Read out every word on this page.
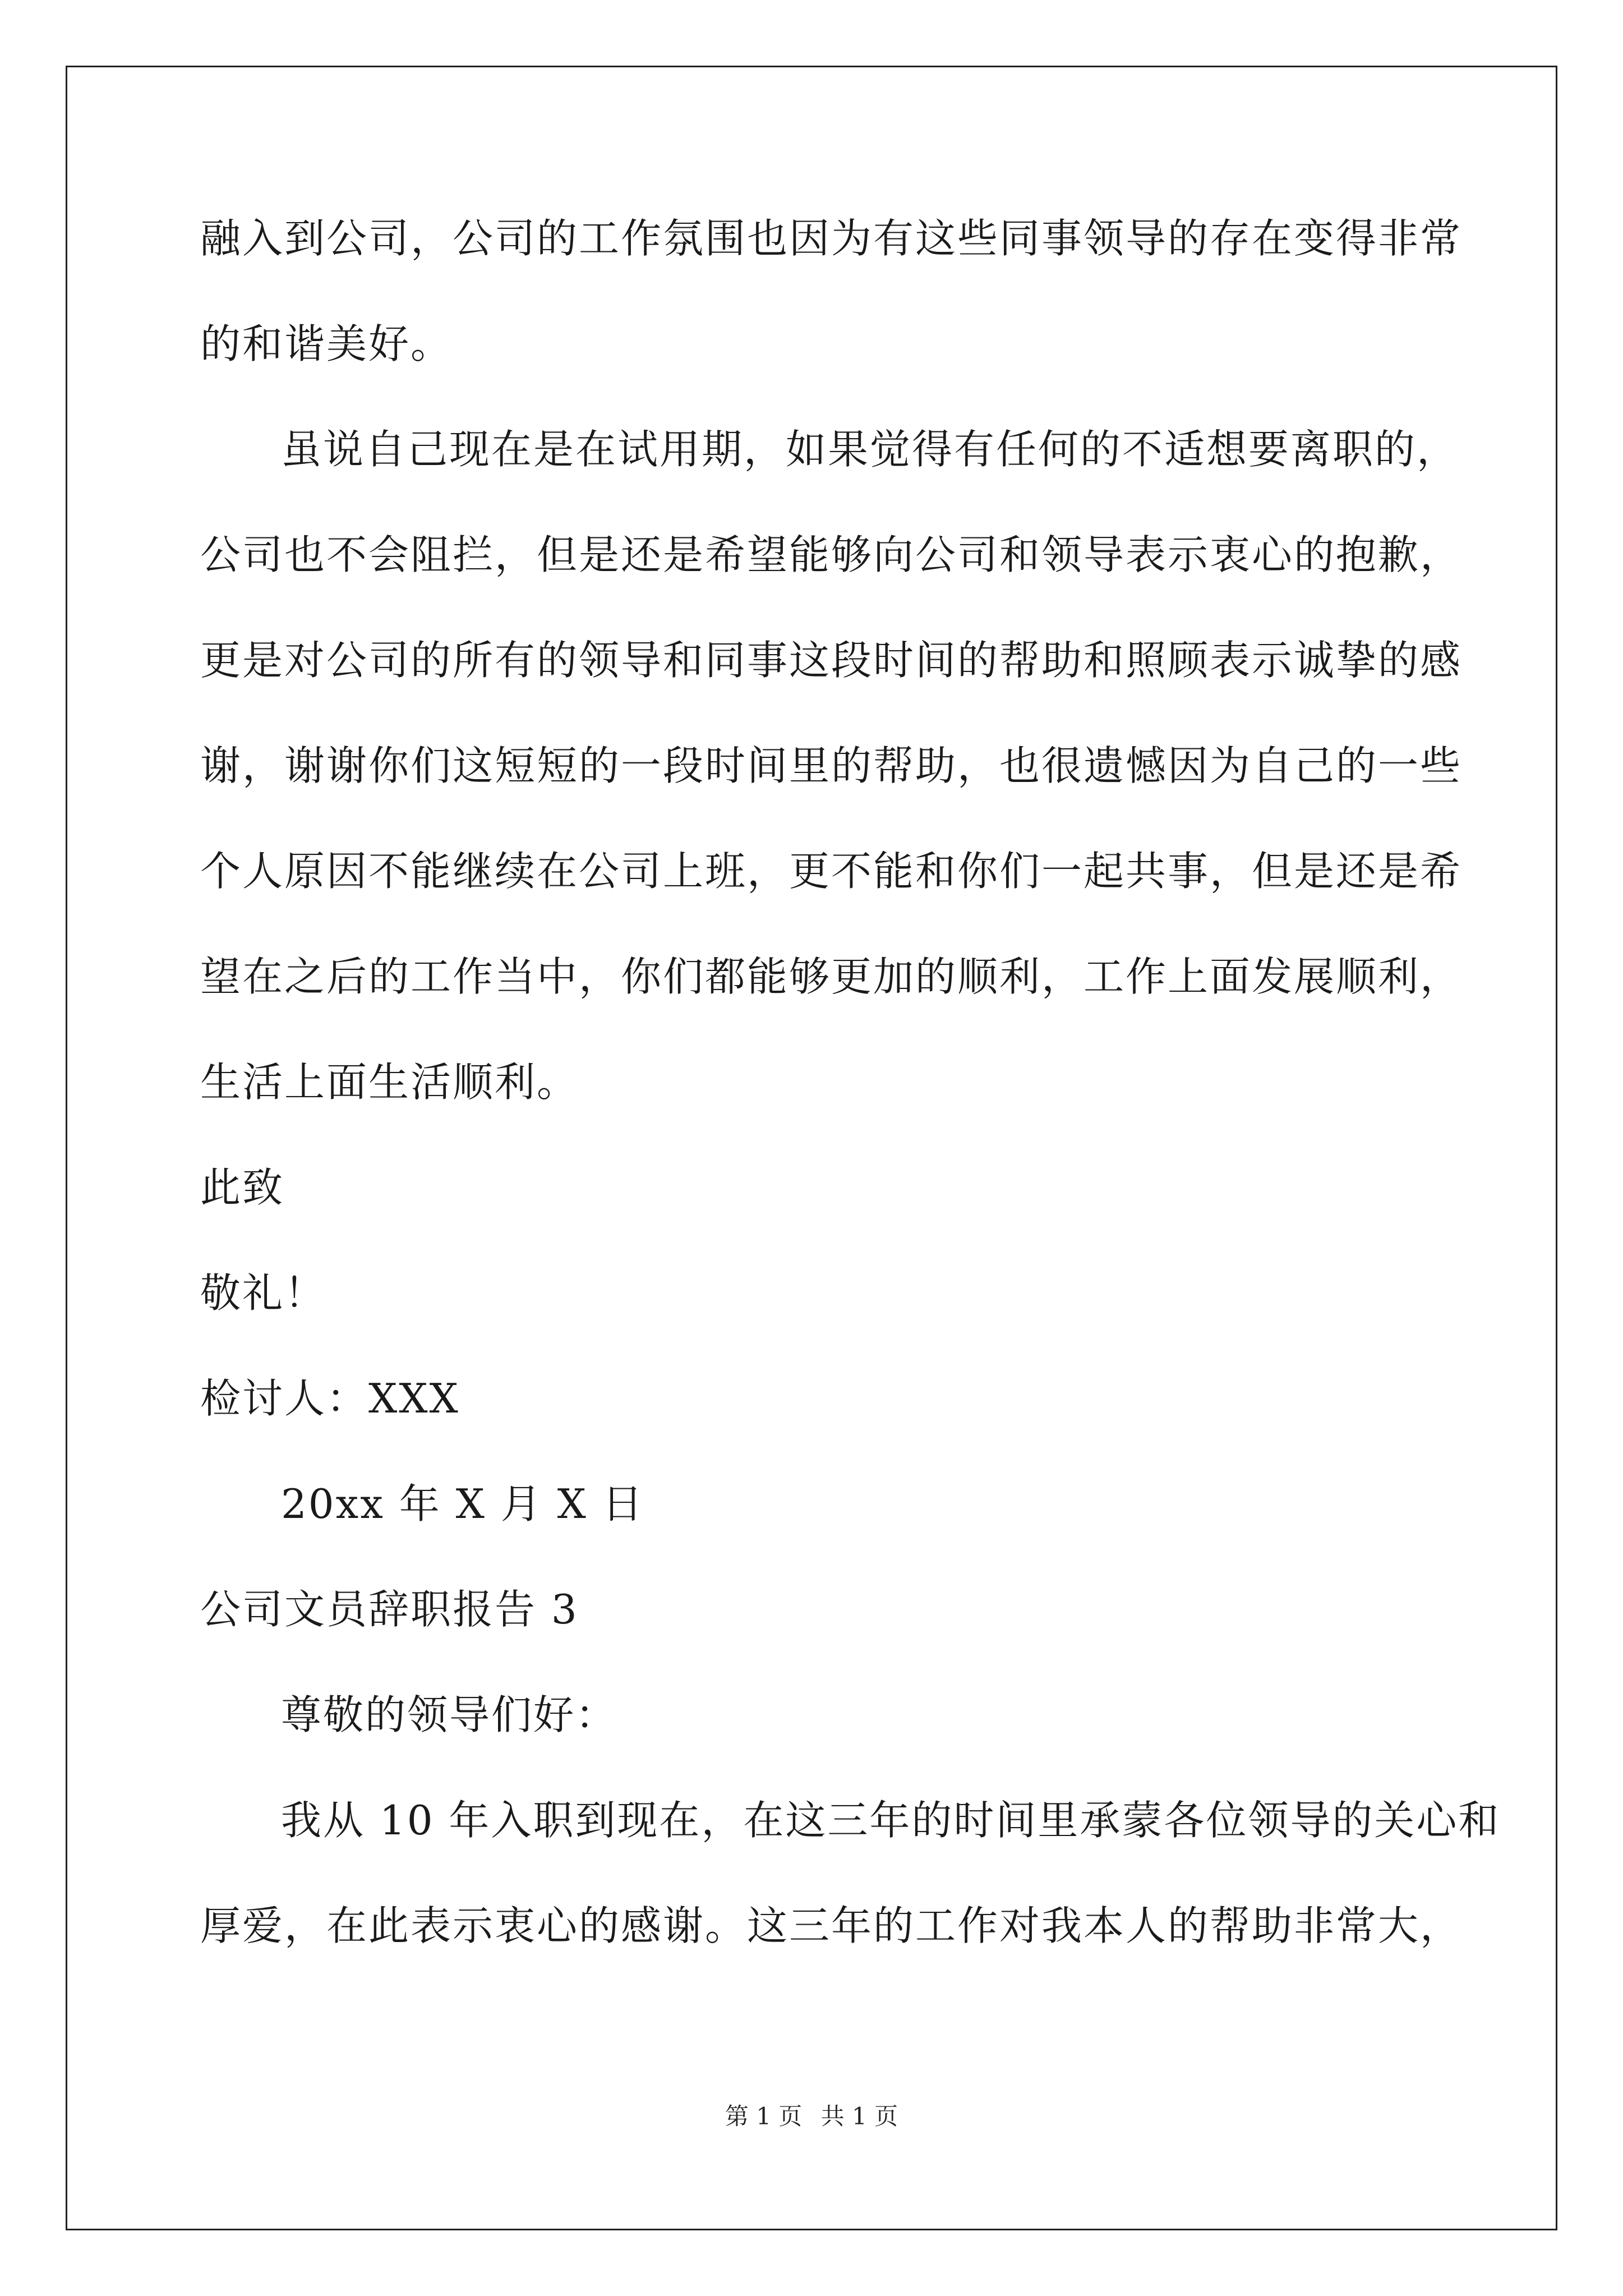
融入到公司，公司的工作氛围也因为有这些同事领导的存在变得非常
的和谐美好。
虽说自己现在是在试用期，如果觉得有任何的不适想要离职的，
公司也不会阻拦，但是还是希望能够向公司和领导表示衷心的抱歉，
更是对公司的所有的领导和同事这段时间的帮助和照顾表示诚挚的感
谢，谢谢你们这短短的一段时间里的帮助，也很遗憾因为自己的一些
个人原因不能继续在公司上班，更不能和你们一起共事，但是还是希
望在之后的工作当中，你们都能够更加的顺利，工作上面发展顺利，
生活上面生活顺利。
此致
敬礼！
检讨人：XXX
20xx 年 X 月 X 日
公司文员辞职报告 3
尊敬的领导们好：
我从 10 年入职到现在，在这三年的时间里承蒙各位领导的关心和
厚爱，在此表示衷心的感谢。这三年的工作对我本人的帮助非常大，
第 1 页 共 1 页
